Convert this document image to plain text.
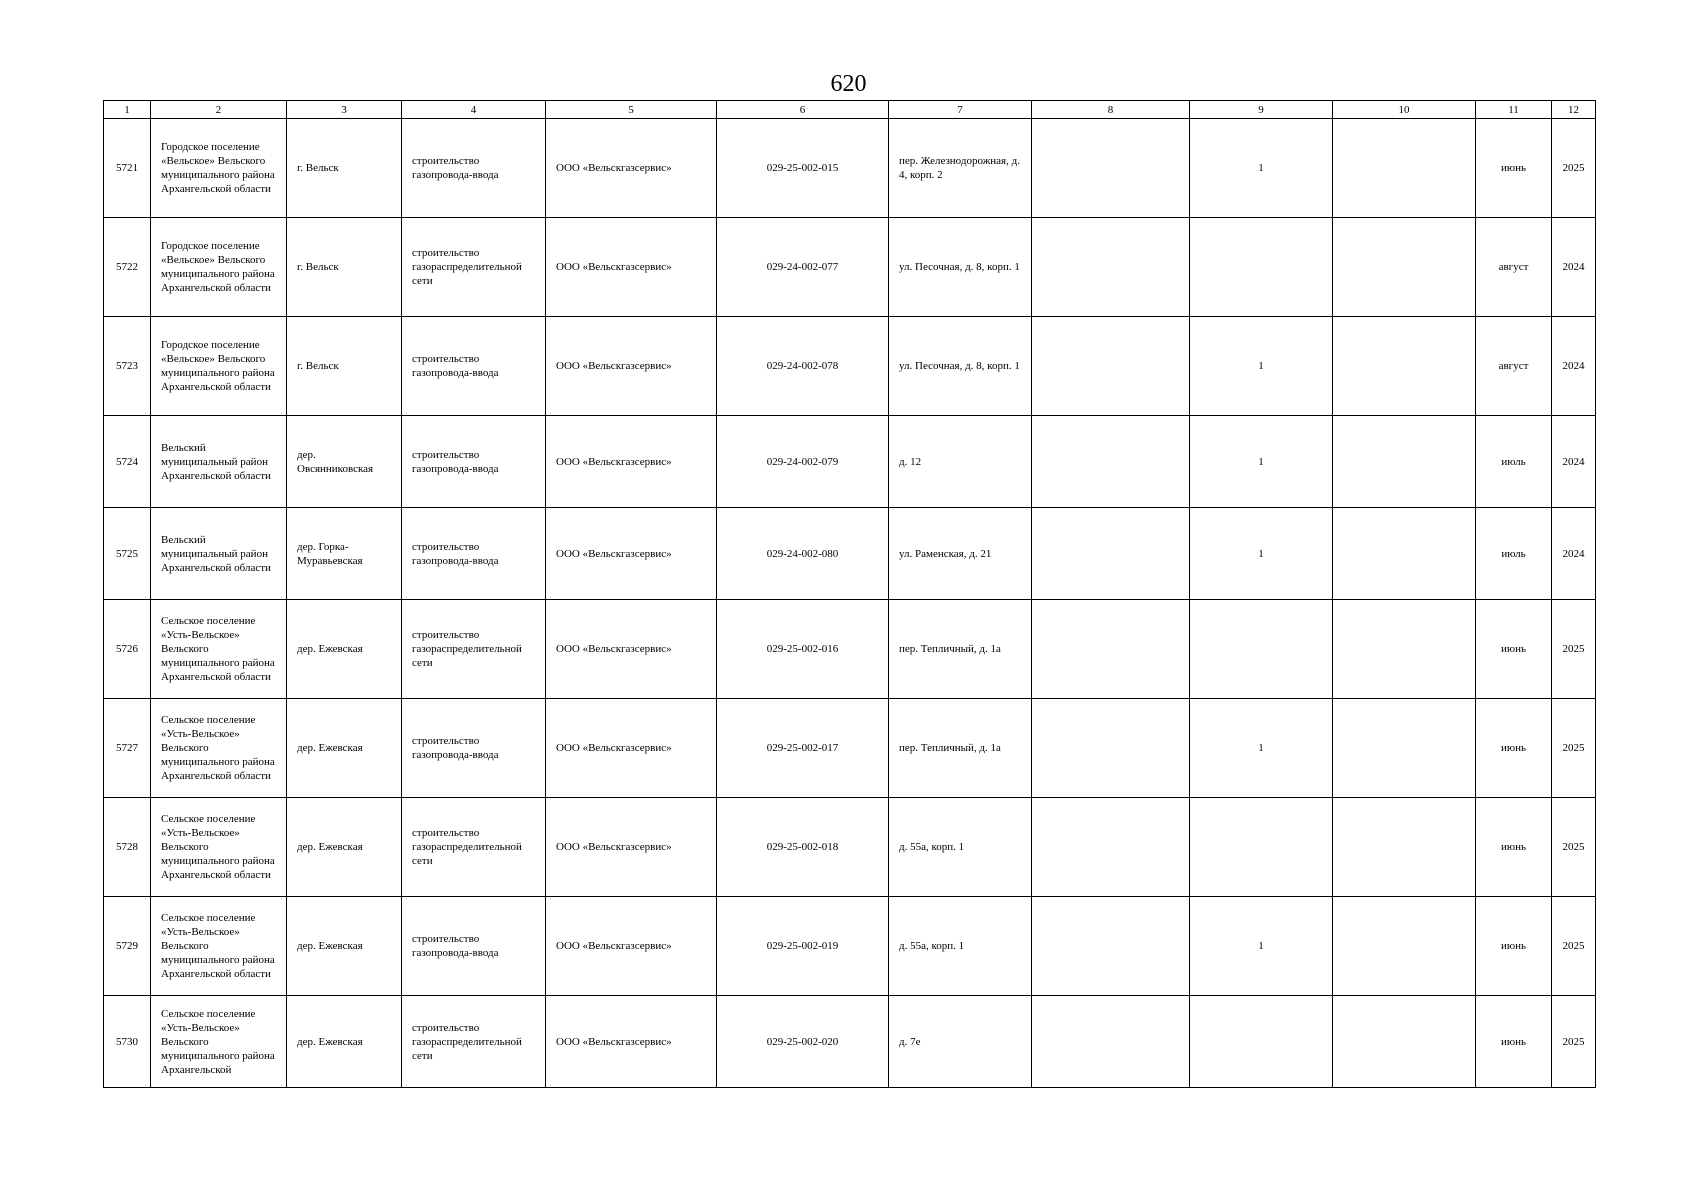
620
1	2	3	4	5	6	7	8	9	10	11	12
5721	Городское поселение «Вельское» Вельского муниципального района Архангельской области	г. Вельск	строительство газопровода-ввода	ООО «Вельскгазсервис»	029-25-002-015	пер. Железнодорожная, д. 4, корп. 2		1		июнь	2025
5722	Городское поселение «Вельское» Вельского муниципального района Архангельской области	г. Вельск	строительство газораспределительной сети	ООО «Вельскгазсервис»	029-24-002-077	ул. Песочная, д. 8, корп. 1				август	2024
5723	Городское поселение «Вельское» Вельского муниципального района Архангельской области	г. Вельск	строительство газопровода-ввода	ООО «Вельскгазсервис»	029-24-002-078	ул. Песочная, д. 8, корп. 1		1		август	2024
5724	Вельский муниципальный район Архангельской области	дер. Овсянниковская	строительство газопровода-ввода	ООО «Вельскгазсервис»	029-24-002-079	д. 12		1		июль	2024
5725	Вельский муниципальный район Архангельской области	дер. Горка-Муравьевская	строительство газопровода-ввода	ООО «Вельскгазсервис»	029-24-002-080	ул. Раменская, д. 21		1		июль	2024
5726	Сельское поселение «Усть-Вельское» Вельского муниципального района Архангельской области	дер. Ежевская	строительство газораспределительной сети	ООО «Вельскгазсервис»	029-25-002-016	пер. Тепличный, д. 1а				июнь	2025
5727	Сельское поселение «Усть-Вельское» Вельского муниципального района Архангельской области	дер. Ежевская	строительство газопровода-ввода	ООО «Вельскгазсервис»	029-25-002-017	пер. Тепличный, д. 1а		1		июнь	2025
5728	Сельское поселение «Усть-Вельское» Вельского муниципального района Архангельской области	дер. Ежевская	строительство газораспределительной сети	ООО «Вельскгазсервис»	029-25-002-018	д. 55а, корп. 1				июнь	2025
5729	Сельское поселение «Усть-Вельское» Вельского муниципального района Архангельской области	дер. Ежевская	строительство газопровода-ввода	ООО «Вельскгазсервис»	029-25-002-019	д. 55а, корп. 1		1		июнь	2025
5730	Сельское поселение «Усть-Вельское» Вельского муниципального района Архангельской	дер. Ежевская	строительство газораспределительной сети	ООО «Вельскгазсервис»	029-25-002-020	д. 7е				июнь	2025
